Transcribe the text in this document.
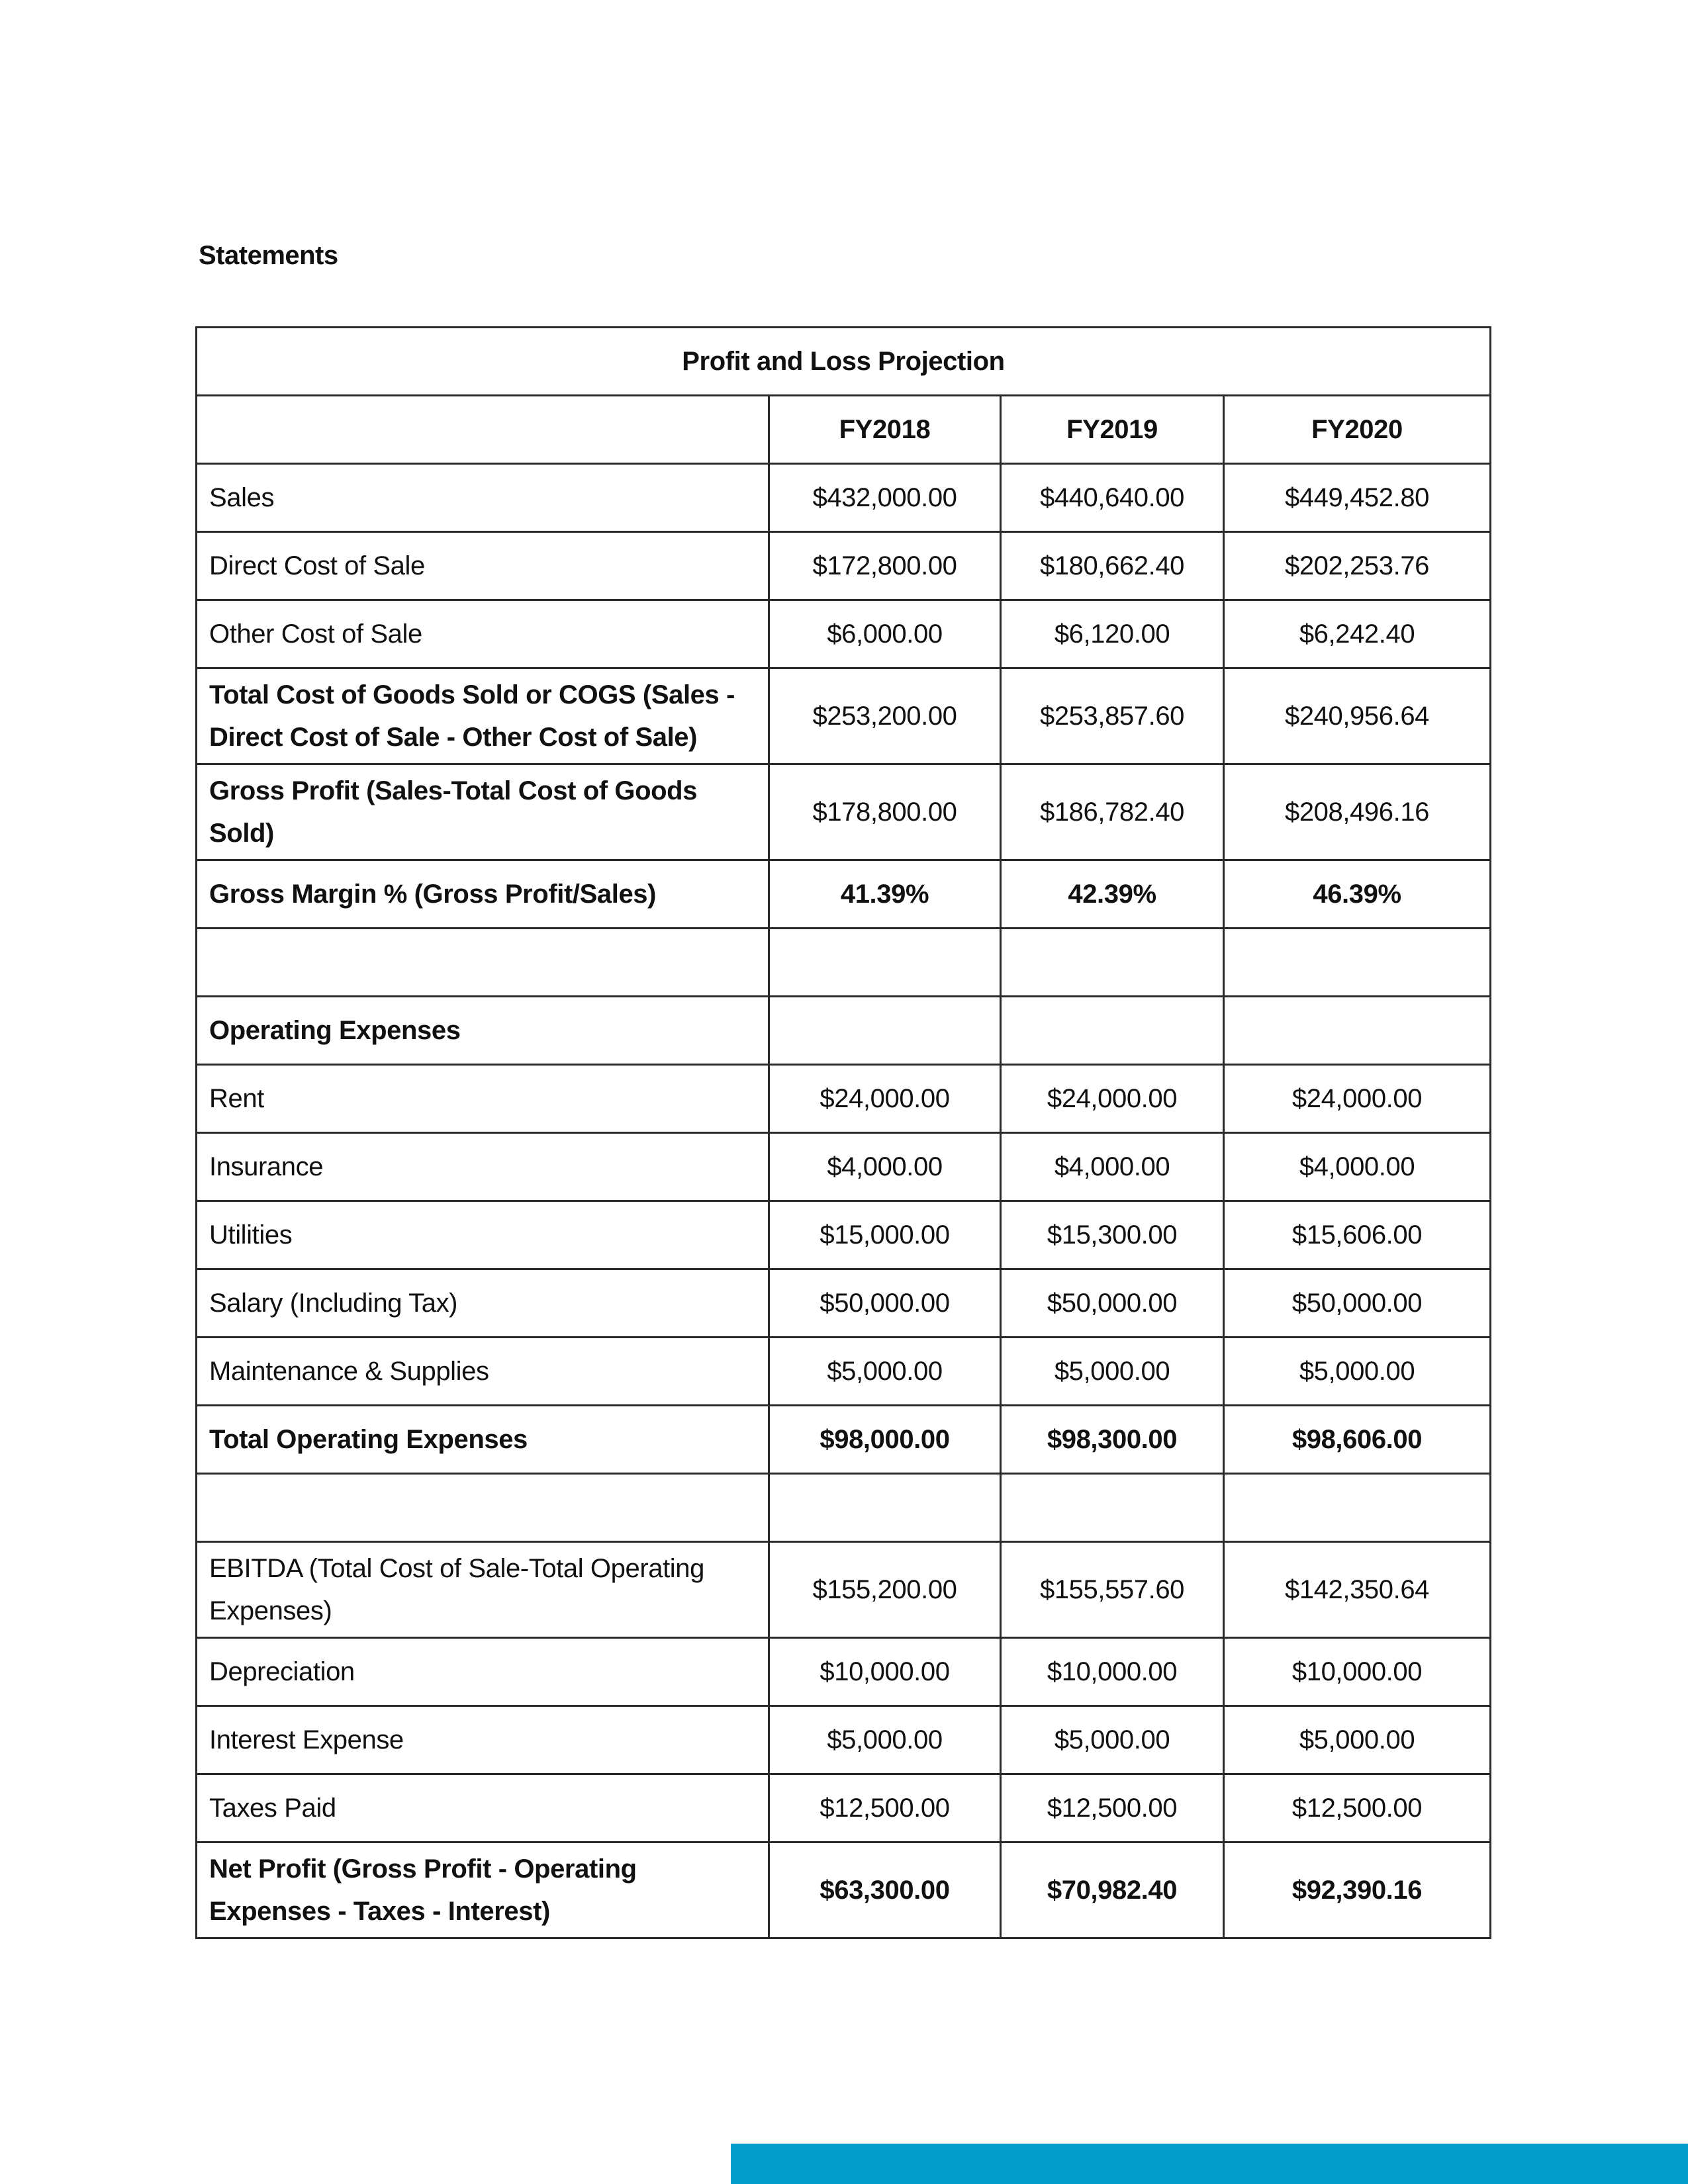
Statements
Profit and Loss Projection			
	FY2018	FY2019	FY2020
Sales	$432,000.00	$440,640.00	$449,452.80
Direct Cost of Sale	$172,800.00	$180,662.40	$202,253.76
Other Cost of Sale	$6,000.00	$6,120.00	$6,242.40
Total Cost of Goods Sold or COGS (Sales - Direct Cost of Sale - Other Cost of Sale)	$253,200.00	$253,857.60	$240,956.64
Gross Profit (Sales-Total Cost of Goods Sold)	$178,800.00	$186,782.40	$208,496.16
Gross Margin % (Gross Profit/Sales)	41.39%	42.39%	46.39%

Operating Expenses			
Rent	$24,000.00	$24,000.00	$24,000.00
Insurance	$4,000.00	$4,000.00	$4,000.00
Utilities	$15,000.00	$15,300.00	$15,606.00
Salary (Including Tax)	$50,000.00	$50,000.00	$50,000.00
Maintenance & Supplies	$5,000.00	$5,000.00	$5,000.00
Total Operating Expenses	$98,000.00	$98,300.00	$98,606.00

EBITDA (Total Cost of Sale-Total Operating Expenses)	$155,200.00	$155,557.60	$142,350.64
Depreciation	$10,000.00	$10,000.00	$10,000.00
Interest Expense	$5,000.00	$5,000.00	$5,000.00
Taxes Paid	$12,500.00	$12,500.00	$12,500.00
Net Profit (Gross Profit - Operating Expenses - Taxes - Interest)	$63,300.00	$70,982.40	$92,390.16
